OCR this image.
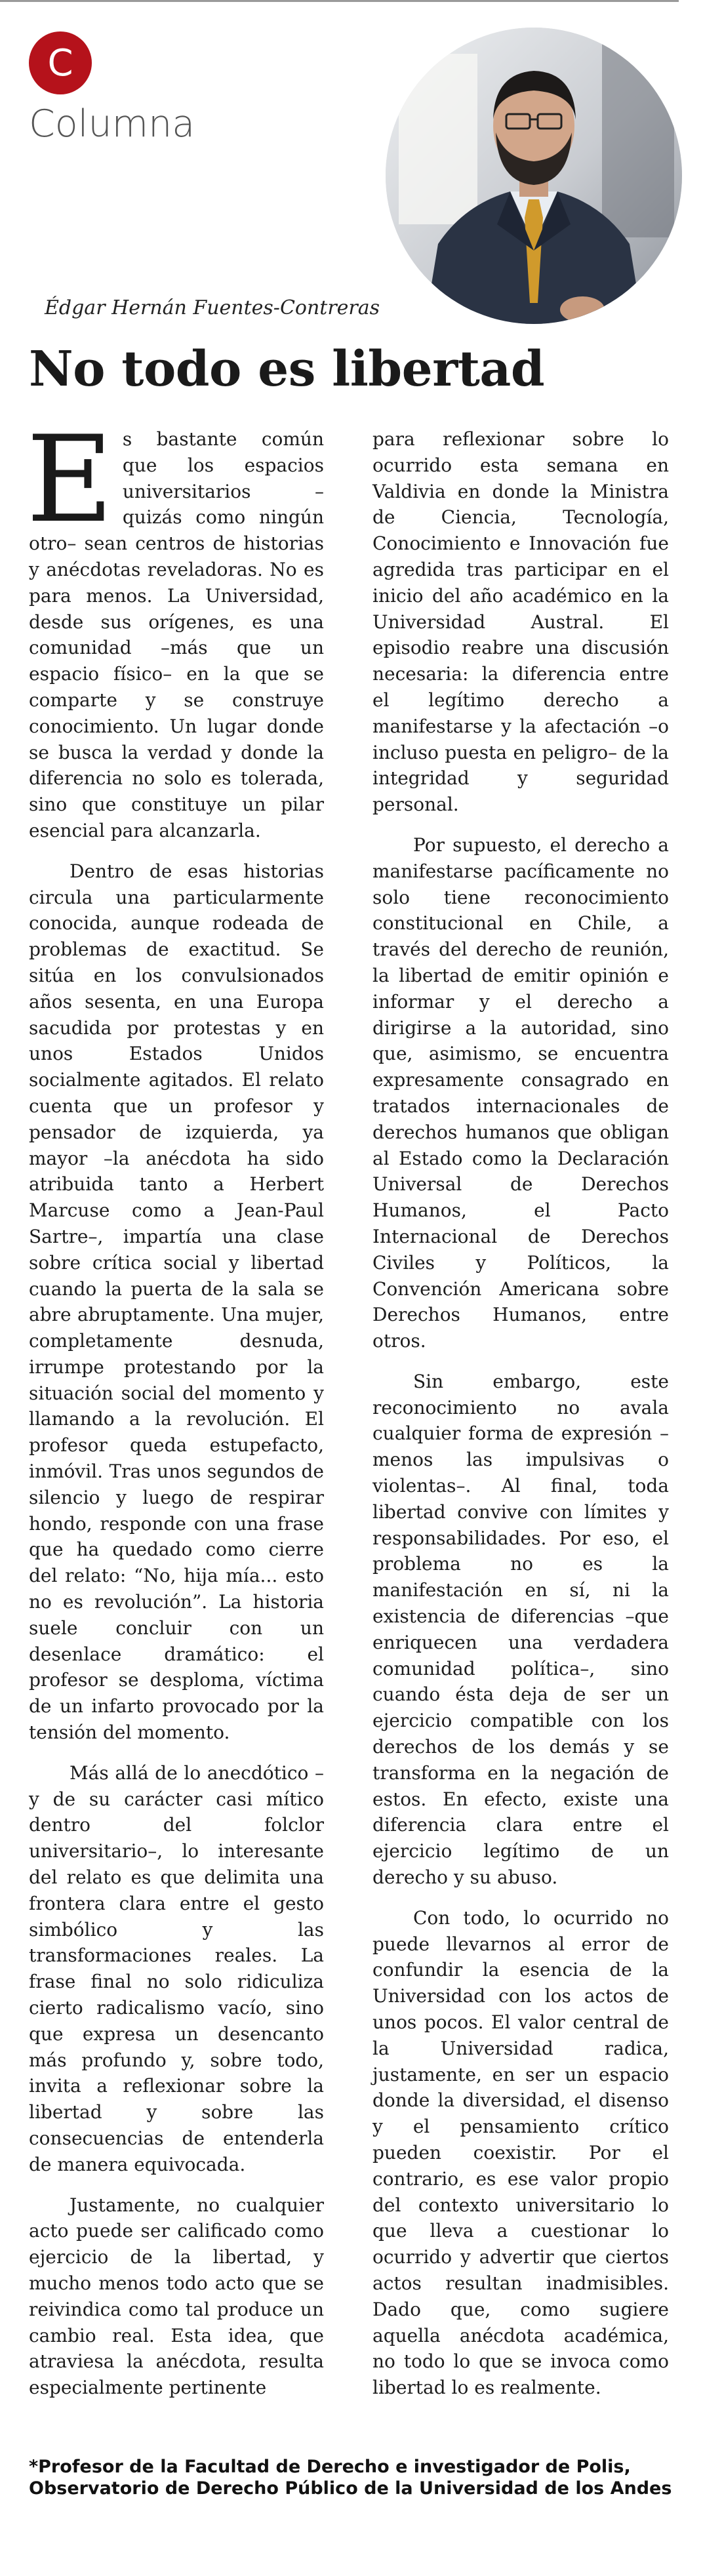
C
Columna
Édgar Hernán Fuentes-Contreras
No todo es libertad

Es bastante común que los espacios universitarios –quizás como ningún otro– sean centros de historias y anécdotas reveladoras. No es para menos. La Universidad, desde sus orígenes, es una comunidad –más que un espacio físico– en la que se comparte y se construye conocimiento. Un lugar donde se busca la verdad y donde la diferencia no solo es tolerada, sino que constituye un pilar esencial para alcanzarla.

Dentro de esas historias circula una particularmente conocida, aunque rodeada de problemas de exactitud. Se sitúa en los convulsionados años sesenta, en una Europa sacudida por protestas y en unos Estados Unidos socialmente agitados. El relato cuenta que un profesor y pensador de izquierda, ya mayor –la anécdota ha sido atribuida tanto a Herbert Marcuse como a Jean-Paul Sartre–, impartía una clase sobre crítica social y libertad cuando la puerta de la sala se abre abruptamente. Una mujer, completamente desnuda, irrumpe protestando por la situación social del momento y llamando a la revolución. El profesor queda estupefacto, inmóvil. Tras unos segundos de silencio y luego de respirar hondo, responde con una frase que ha quedado como cierre del relato: “No, hija mía... esto no es revolución”. La historia suele concluir con un desenlace dramático: el profesor se desploma, víctima de un infarto provocado por la tensión del momento.

Más allá de lo anecdótico –y de su carácter casi mítico dentro del folclor universitario–, lo interesante del relato es que delimita una frontera clara entre el gesto simbólico y las transformaciones reales. La frase final no solo ridiculiza cierto radicalismo vacío, sino que expresa un desencanto más profundo y, sobre todo, invita a reflexionar sobre la libertad y sobre las consecuencias de entenderla de manera equivocada.

Justamente, no cualquier acto puede ser calificado como ejercicio de la libertad, y mucho menos todo acto que se reivindica como tal produce un cambio real. Esta idea, que atraviesa la anécdota, resulta especialmente pertinente

para reflexionar sobre lo ocurrido esta semana en Valdivia en donde la Ministra de Ciencia, Tecnología, Conocimiento e Innovación fue agredida tras participar en el inicio del año académico en la Universidad Austral. El episodio reabre una discusión necesaria: la diferencia entre el legítimo derecho a manifestarse y la afectación –o incluso puesta en peligro– de la integridad y seguridad personal.

Por supuesto, el derecho a manifestarse pacíficamente no solo tiene reconocimiento constitucional en Chile, a través del derecho de reunión, la libertad de emitir opinión e informar y el derecho a dirigirse a la autoridad, sino que, asimismo, se encuentra expresamente consagrado en tratados internacionales de derechos humanos que obligan al Estado como la Declaración Universal de Derechos Humanos, el Pacto Internacional de Derechos Civiles y Políticos, la Convención Americana sobre Derechos Humanos, entre otros.

Sin embargo, este reconocimiento no avala cualquier forma de expresión –menos las impulsivas o violentas–. Al final, toda libertad convive con límites y responsabilidades. Por eso, el problema no es la manifestación en sí, ni la existencia de diferencias –que enriquecen una verdadera comunidad política–, sino cuando ésta deja de ser un ejercicio compatible con los derechos de los demás y se transforma en la negación de estos. En efecto, existe una diferencia clara entre el ejercicio legítimo de un derecho y su abuso.

Con todo, lo ocurrido no puede llevarnos al error de confundir la esencia de la Universidad con los actos de unos pocos. El valor central de la Universidad radica, justamente, en ser un espacio donde la diversidad, el disenso y el pensamiento crítico pueden coexistir. Por el contrario, es ese valor propio del contexto universitario lo que lleva a cuestionar lo ocurrido y advertir que ciertos actos resultan inadmisibles. Dado que, como sugiere aquella anécdota académica, no todo lo que se invoca como libertad lo es realmente.

*Profesor de la Facultad de Derecho e investigador de Polis, Observatorio de Derecho Público de la Universidad de los Andes
